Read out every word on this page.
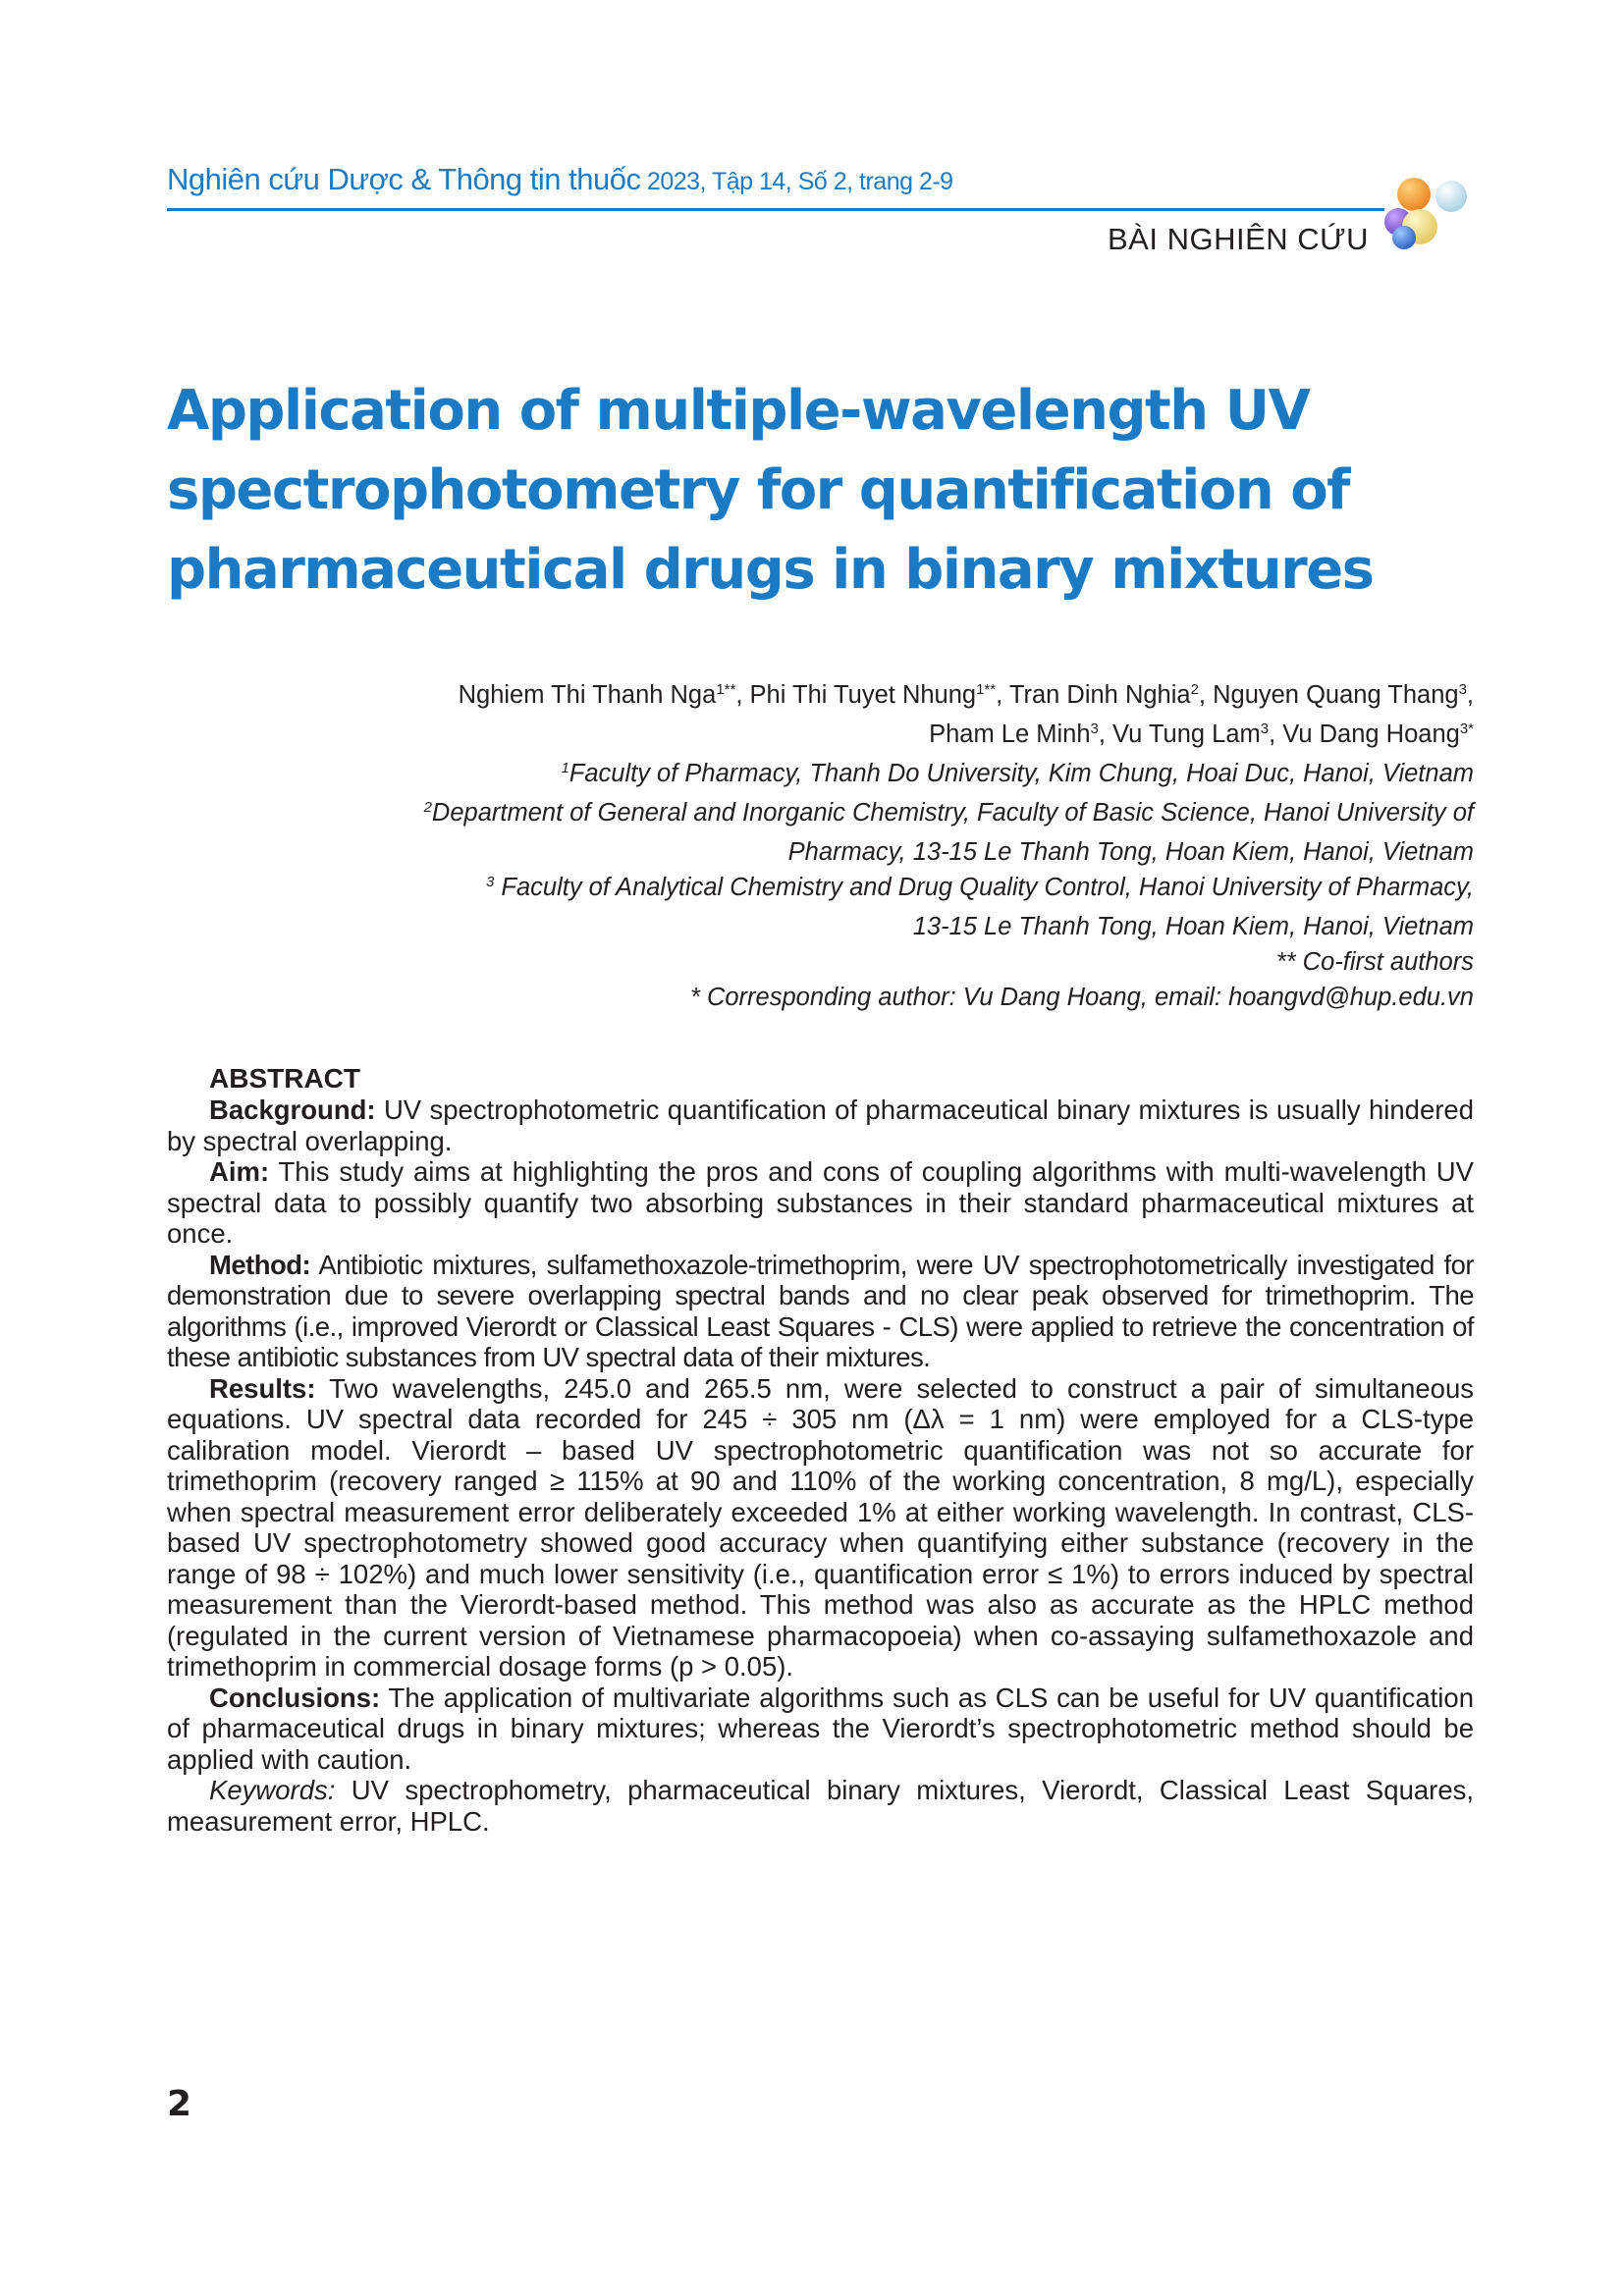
Nghiên cứu Dược & Thông tin thuốc 2023, Tập 14, Số 2, trang 2-9
BÀI NGHIÊN CỨU
Application of multiple-wavelength UV
spectrophotometry for quantification of
pharmaceutical drugs in binary mixtures
Nghiem Thi Thanh Nga$^{1**}$, Phi Thi Tuyet Nhung$^{1**}$, Tran Dinh Nghia$^2$, Nguyen Quang Thang$^3$,
Pham Le Minh$^3$, Vu Tung Lam$^3$, Vu Dang Hoang$^{3*}$
$^1$Faculty of Pharmacy, Thanh Do University, Kim Chung, Hoai Duc, Hanoi, Vietnam
$^2$Department of General and Inorganic Chemistry, Faculty of Basic Science, Hanoi University of
Pharmacy, 13-15 Le Thanh Tong, Hoan Kiem, Hanoi, Vietnam
$^3$ Faculty of Analytical Chemistry and Drug Quality Control, Hanoi University of Pharmacy,
13-15 Le Thanh Tong, Hoan Kiem, Hanoi, Vietnam
** Co-first authors
* Corresponding author: Vu Dang Hoang, email: hoangvd@hup.edu.vn

ABSTRACT

Background: UV spectrophotometric quantification of pharmaceutical binary mixtures is usually hindered by spectral overlapping.

Aim: This study aims at highlighting the pros and cons of coupling algorithms with multi-wavelength UV spectral data to possibly quantify two absorbing substances in their standard pharmaceutical mixtures at once.

Method: Antibiotic mixtures, sulfamethoxazole-trimethoprim, were UV spectrophotometrically investigated for demonstration due to severe overlapping spectral bands and no clear peak observed for trimethoprim. The algorithms (i.e., improved Vierordt or Classical Least Squares - CLS) were applied to retrieve the concentration of these antibiotic substances from UV spectral data of their mixtures.

Results: Two wavelengths, 245.0 and 265.5 nm, were selected to construct a pair of simultaneous equations. UV spectral data recorded for 245 ÷ 305 nm (Δλ = 1 nm) were employed for a CLS-type calibration model. Vierordt – based UV spectrophotometric quantification was not so accurate for trimethoprim (recovery ranged ≥ 115% at 90 and 110% of the working concentration, 8 mg/L), especially when spectral measurement error deliberately exceeded 1% at either working wavelength. In contrast, CLS-based UV spectrophotometry showed good accuracy when quantifying either substance (recovery in the range of 98 ÷ 102%) and much lower sensitivity (i.e., quantification error ≤ 1%) to errors induced by spectral measurement than the Vierordt-based method. This method was also as accurate as the HPLC method (regulated in the current version of Vietnamese pharmacopoeia) when co-assaying sulfamethoxazole and trimethoprim in commercial dosage forms (p > 0.05).

Conclusions: The application of multivariate algorithms such as CLS can be useful for UV quantification of pharmaceutical drugs in binary mixtures; whereas the Vierordt’s spectrophotometric method should be applied with caution.

Keywords: UV spectrophometry, pharmaceutical binary mixtures, Vierordt, Classical Least Squares, measurement error, HPLC.

2
